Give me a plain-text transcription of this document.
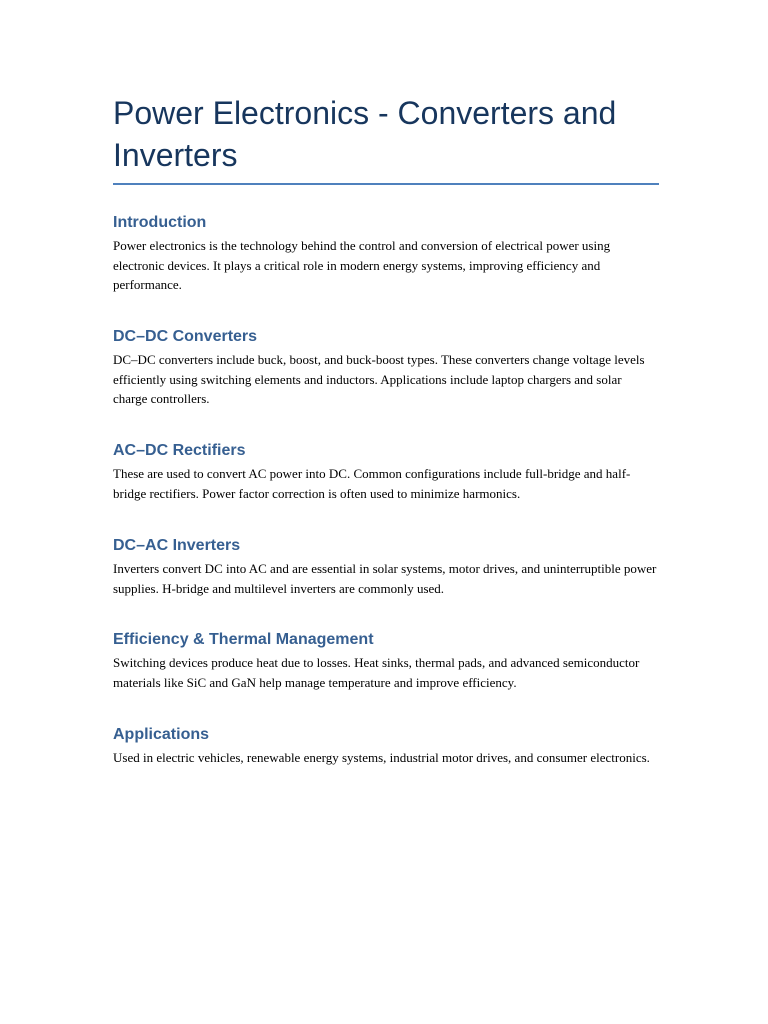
Power Electronics - Converters and Inverters
Introduction

Power electronics is the technology behind the control and conversion of electrical power using electronic devices. It plays a critical role in modern energy systems, improving efficiency and performance.

DC–DC Converters

DC–DC converters include buck, boost, and buck-boost types. These converters change voltage levels efficiently using switching elements and inductors. Applications include laptop chargers and solar charge controllers.

AC–DC Rectifiers

These are used to convert AC power into DC. Common configurations include full-bridge and half-bridge rectifiers. Power factor correction is often used to minimize harmonics.

DC–AC Inverters

Inverters convert DC into AC and are essential in solar systems, motor drives, and uninterruptible power supplies. H-bridge and multilevel inverters are commonly used.

Efficiency & Thermal Management

Switching devices produce heat due to losses. Heat sinks, thermal pads, and advanced semiconductor materials like SiC and GaN help manage temperature and improve efficiency.

Applications

Used in electric vehicles, renewable energy systems, industrial motor drives, and consumer electronics.
